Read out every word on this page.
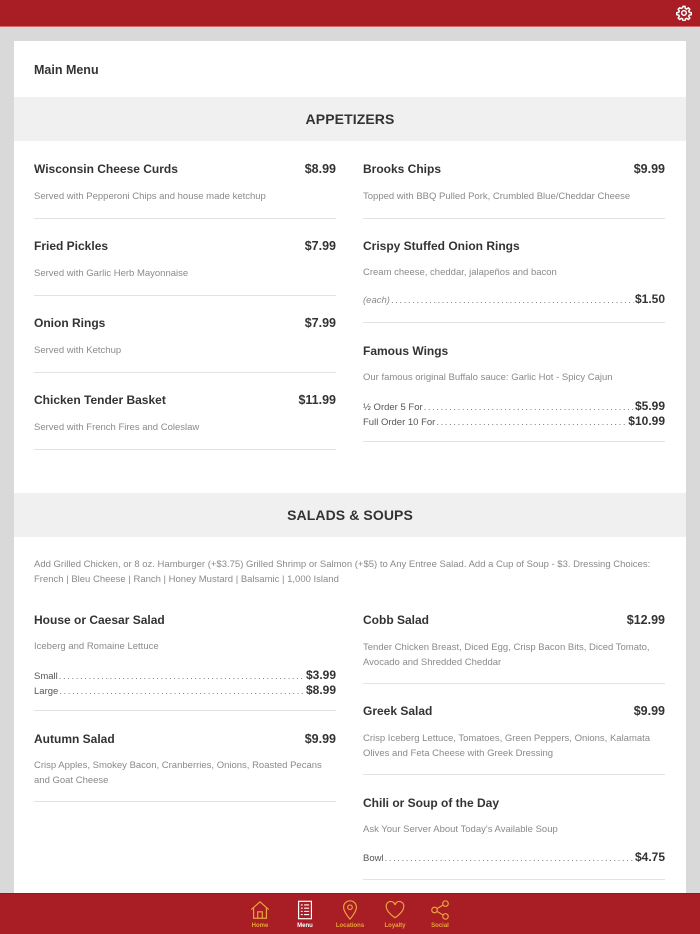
Main Menu
APPETIZERS
Wisconsin Cheese Curds	$8.99
Served with Pepperoni Chips and house made ketchup
Fried Pickles	$7.99
Served with Garlic Herb Mayonnaise
Onion Rings	$7.99
Served with Ketchup
Chicken Tender Basket	$11.99
Served with French Fires and Coleslaw
Brooks Chips	$9.99
Topped with BBQ Pulled Pork, Crumbled Blue/Cheddar Cheese
Crispy Stuffed Onion Rings
Cream cheese, cheddar, jalapeños and bacon
(each) .....	$1.50
Famous Wings
Our famous original Buffalo sauce: Garlic Hot - Spicy Cajun
½ Order 5 For .....	$5.99
Full Order 10 For .....	$10.99
SALADS & SOUPS
Add Grilled Chicken, or 8 oz. Hamburger (+$3.75) Grilled Shrimp or Salmon (+$5) to Any Entree Salad. Add a Cup of Soup - $3. Dressing Choices: French | Bleu Cheese | Ranch | Honey Mustard | Balsamic | 1,000 Island
House or Caesar Salad
Iceberg and Romaine Lettuce
Small .....	$3.99
Large .....	$8.99
Autumn Salad	$9.99
Crisp Apples, Smokey Bacon, Cranberries, Onions, Roasted Pecans and Goat Cheese
Cobb Salad	$12.99
Tender Chicken Breast, Diced Egg, Crisp Bacon Bits, Diced Tomato, Avocado and Shredded Cheddar
Greek Salad	$9.99
Crisp Iceberg Lettuce, Tomatoes, Green Peppers, Onions, Kalamata Olives and Feta Cheese with Greek Dressing
Chili or Soup of the Day
Ask Your Server About Today's Available Soup
Bowl .....	$4.75
Home	Menu	Locations	Loyalty	Social
